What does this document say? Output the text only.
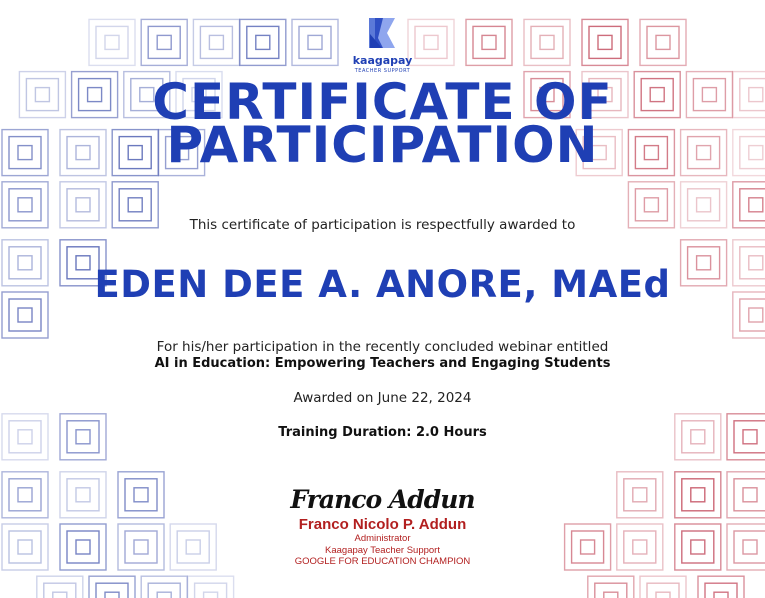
kaagapay
TEACHER SUPPORT
CERTIFICATE OF
PARTICIPATION
This certificate of participation is respectfully awarded to
EDEN DEE A. ANORE, MAEd
For his/her participation in the recently concluded webinar entitled
AI in Education: Empowering Teachers and Engaging Students
Awarded on June 22, 2024
Training Duration: 2.0 Hours
Franco Addun
Franco Nicolo P. Addun
Administrator
Kaagapay Teacher Support
GOOGLE FOR EDUCATION CHAMPION
